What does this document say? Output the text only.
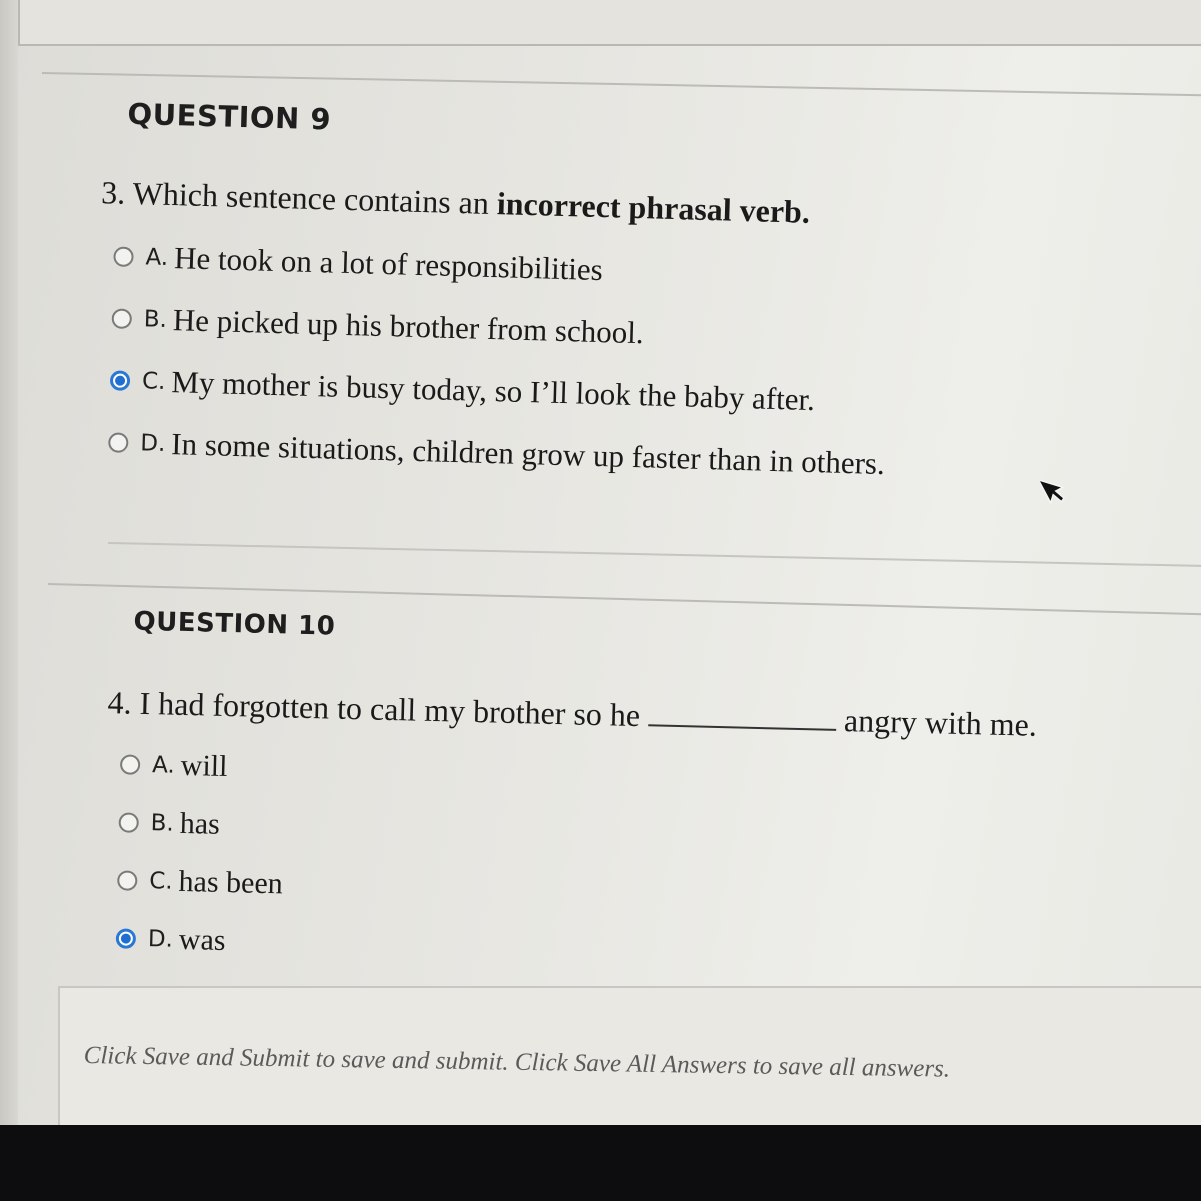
QUESTION 9
3. Which sentence contains an incorrect phrasal verb.
A. He took on a lot of responsibilities
B. He picked up his brother from school.
C. My mother is busy today, so I’ll look the baby after.
D. In some situations, children grow up faster than in others.
QUESTION 10
4. I had forgotten to call my brother so he	angry with me.
A. will
B. has
C. has been
D. was
Click Save and Submit to save and submit. Click Save All Answers to save all answers.
